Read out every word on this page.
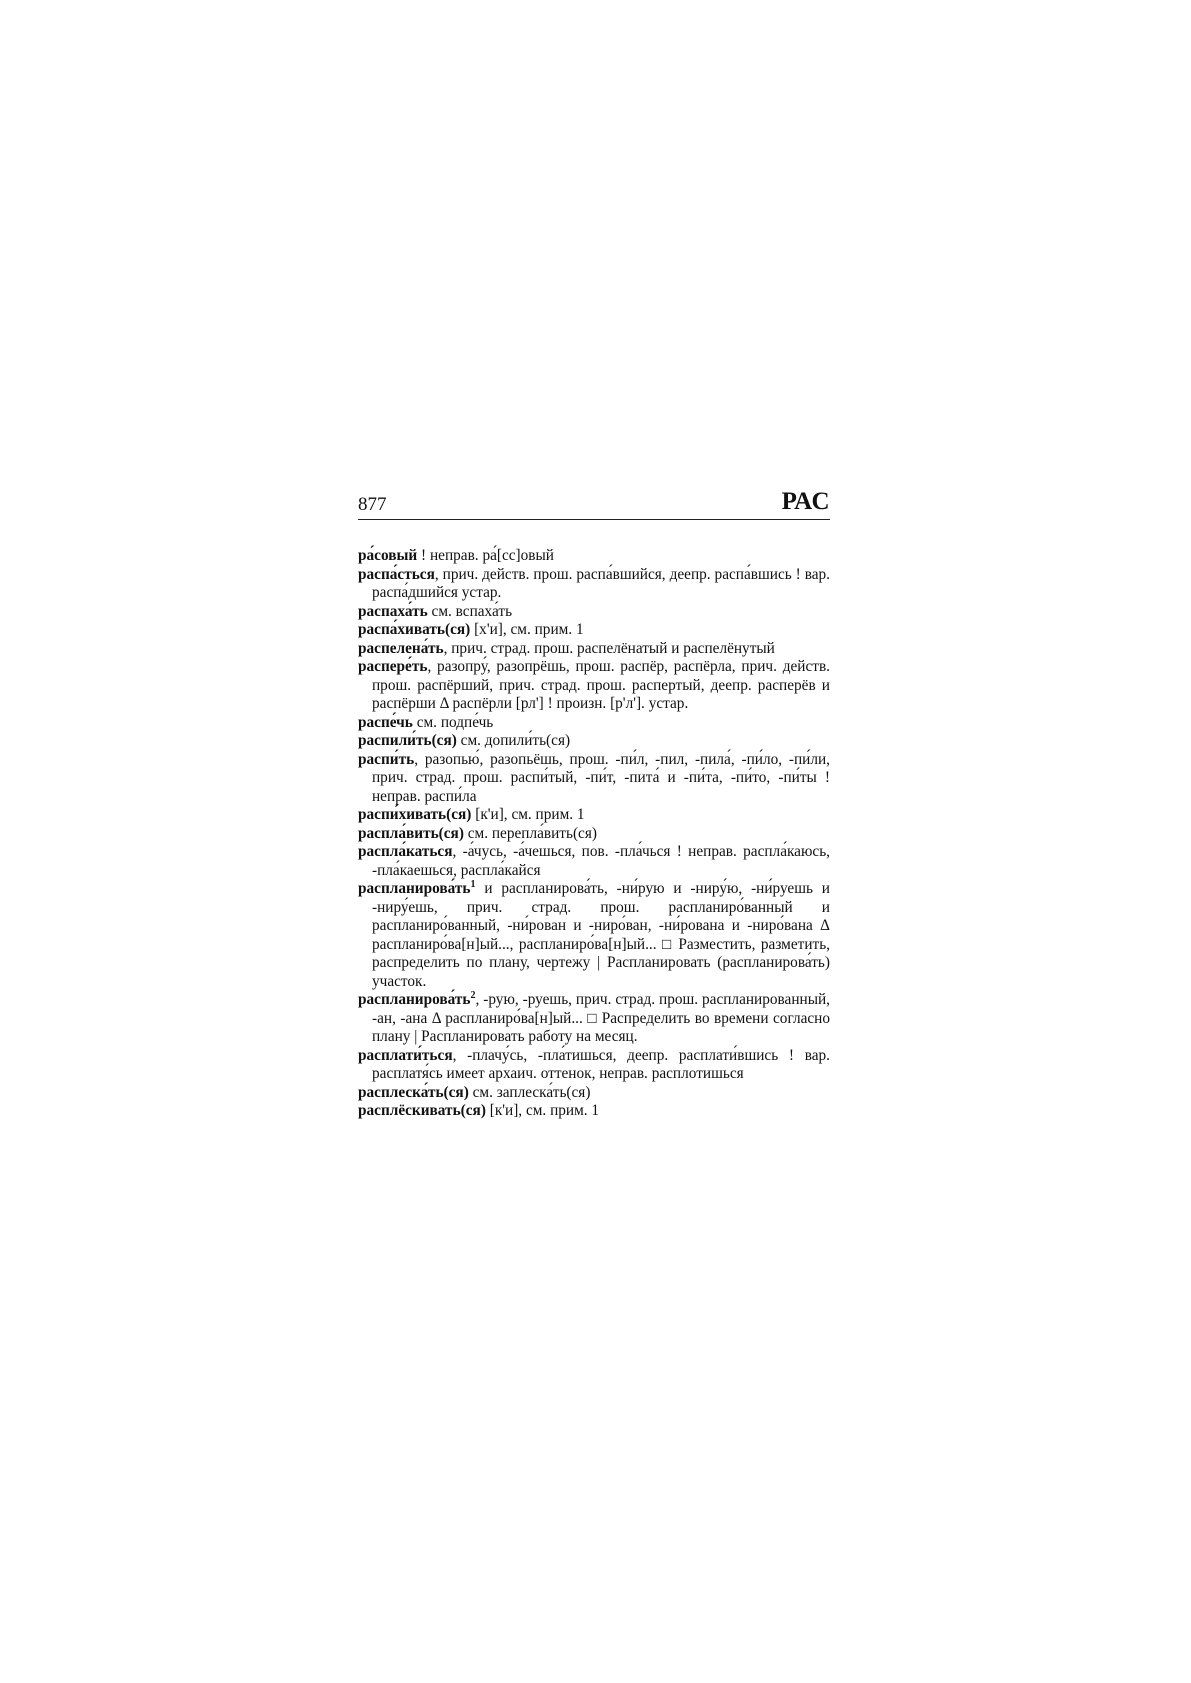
877	РАС
ра́совый ! неправ. ра́[сс]овый
распа́сться, прич. действ. прош. распа́вшийся, деепр. распа́вшись ! вар. распа́дшийся устар.
распаха́ть см. вспаха́ть
распа́хивать(ся) [х'и], см. прим. 1
распелена́ть, прич. страд. прош. распелёнатый и распелёнутый
распере́ть, разопру́, разопрёшь, прош. распёр, распёрла, прич. действ. прош. распёрший, прич. страд. прош. распертый, деепр. расперёв и распёрши Δ распёрли [рл'] ! произн. [р'л']. устар.
распе́чь см. подпе́чь
распили́ть(ся) см. допили́ть(ся)
распи́ть, разопью́, разопьёшь, прош. -пи́л, -пил, -пила́, -пи́ло, -пи́ли, прич. страд. прош. распи́тый, -пи́т, -пита́ и -пи́та, -пи́то, -пи́ты ! неправ. распи́ла
распи́хивать(ся) [к'и], см. прим. 1
распла́вить(ся) см. перепла́вить(ся)
распла́каться, -а́чусь, -а́чешься, пов. -пла́чься ! неправ. распла́каюсь, -пла́каешься, распла́кайся
$распланирова́ть^1$ и распланирова́ть, -ни́рую и -ниру́ю, -ни́руешь и -ниру́ешь, прич. страд. прош. распланиро́ванный и распланиро́ванный, -ни́рован и -ниро́ван, -ни́рована и -ниро́вана Δ распланиро́ва[н]ый..., распланиро́ва[н]ый... □ Разместить, разметить, распределить по плану, чертежу | Распланировать (распланирова́ть) участок.
$распланирова́ть^2$, -рую, -руешь, прич. страд. прош. распланированный, -ан, -ана Δ распланиро́ва[н]ый... □ Распределить во времени согласно плану | Распланировать работу на месяц.
расплати́ться, -плачу́сь, -пла́тишься, деепр. расплати́вшись ! вар. расплатя́сь имеет архаич. оттенок, неправ. расплотишься
расплеска́ть(ся) см. заплеска́ть(ся)
расплёскивать(ся) [к'и], см. прим. 1
